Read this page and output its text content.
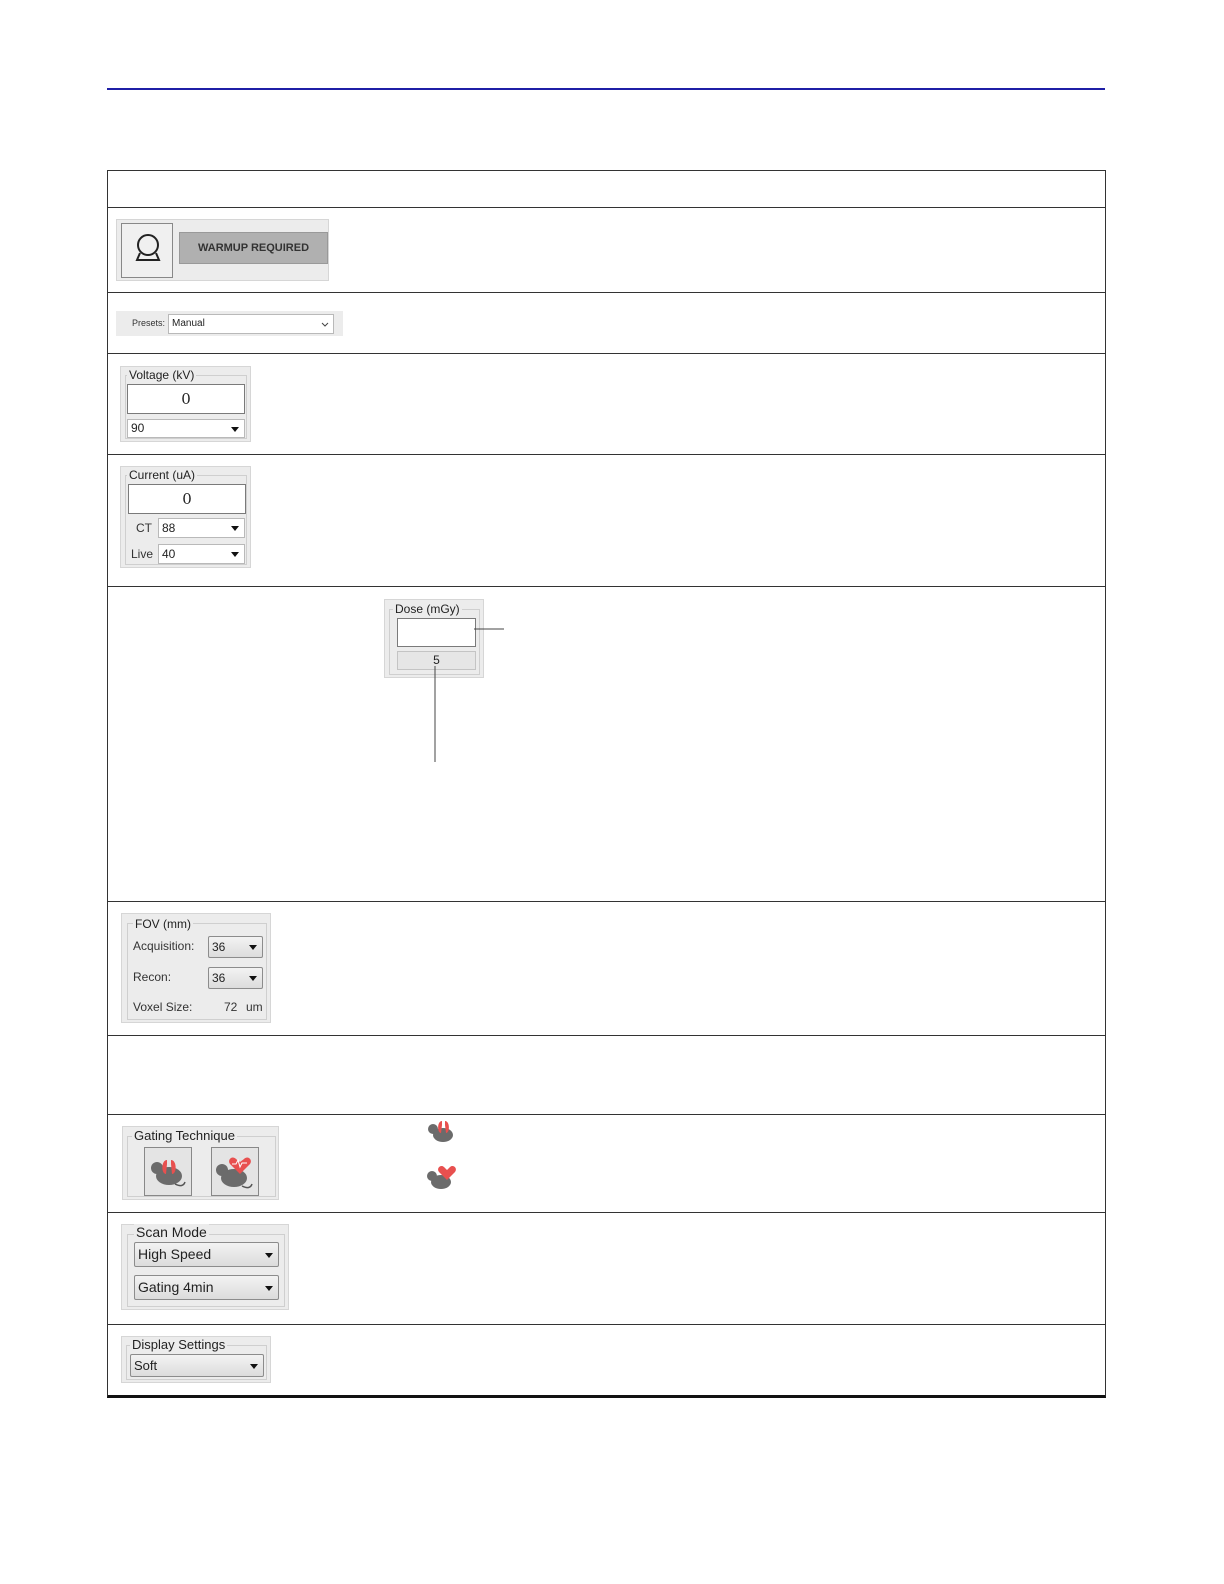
WARMUP REQUIRED
Presets: Manual
Voltage (kV)
0
90
Current (uA)
0
CT 88
Live 40
Dose (mGy)
5
FOV (mm)
Acquisition:	36
Recon:	36
Voxel Size:	72 um
Gating Technique
Scan Mode
High Speed
Gating 4min
Display Settings
Soft
